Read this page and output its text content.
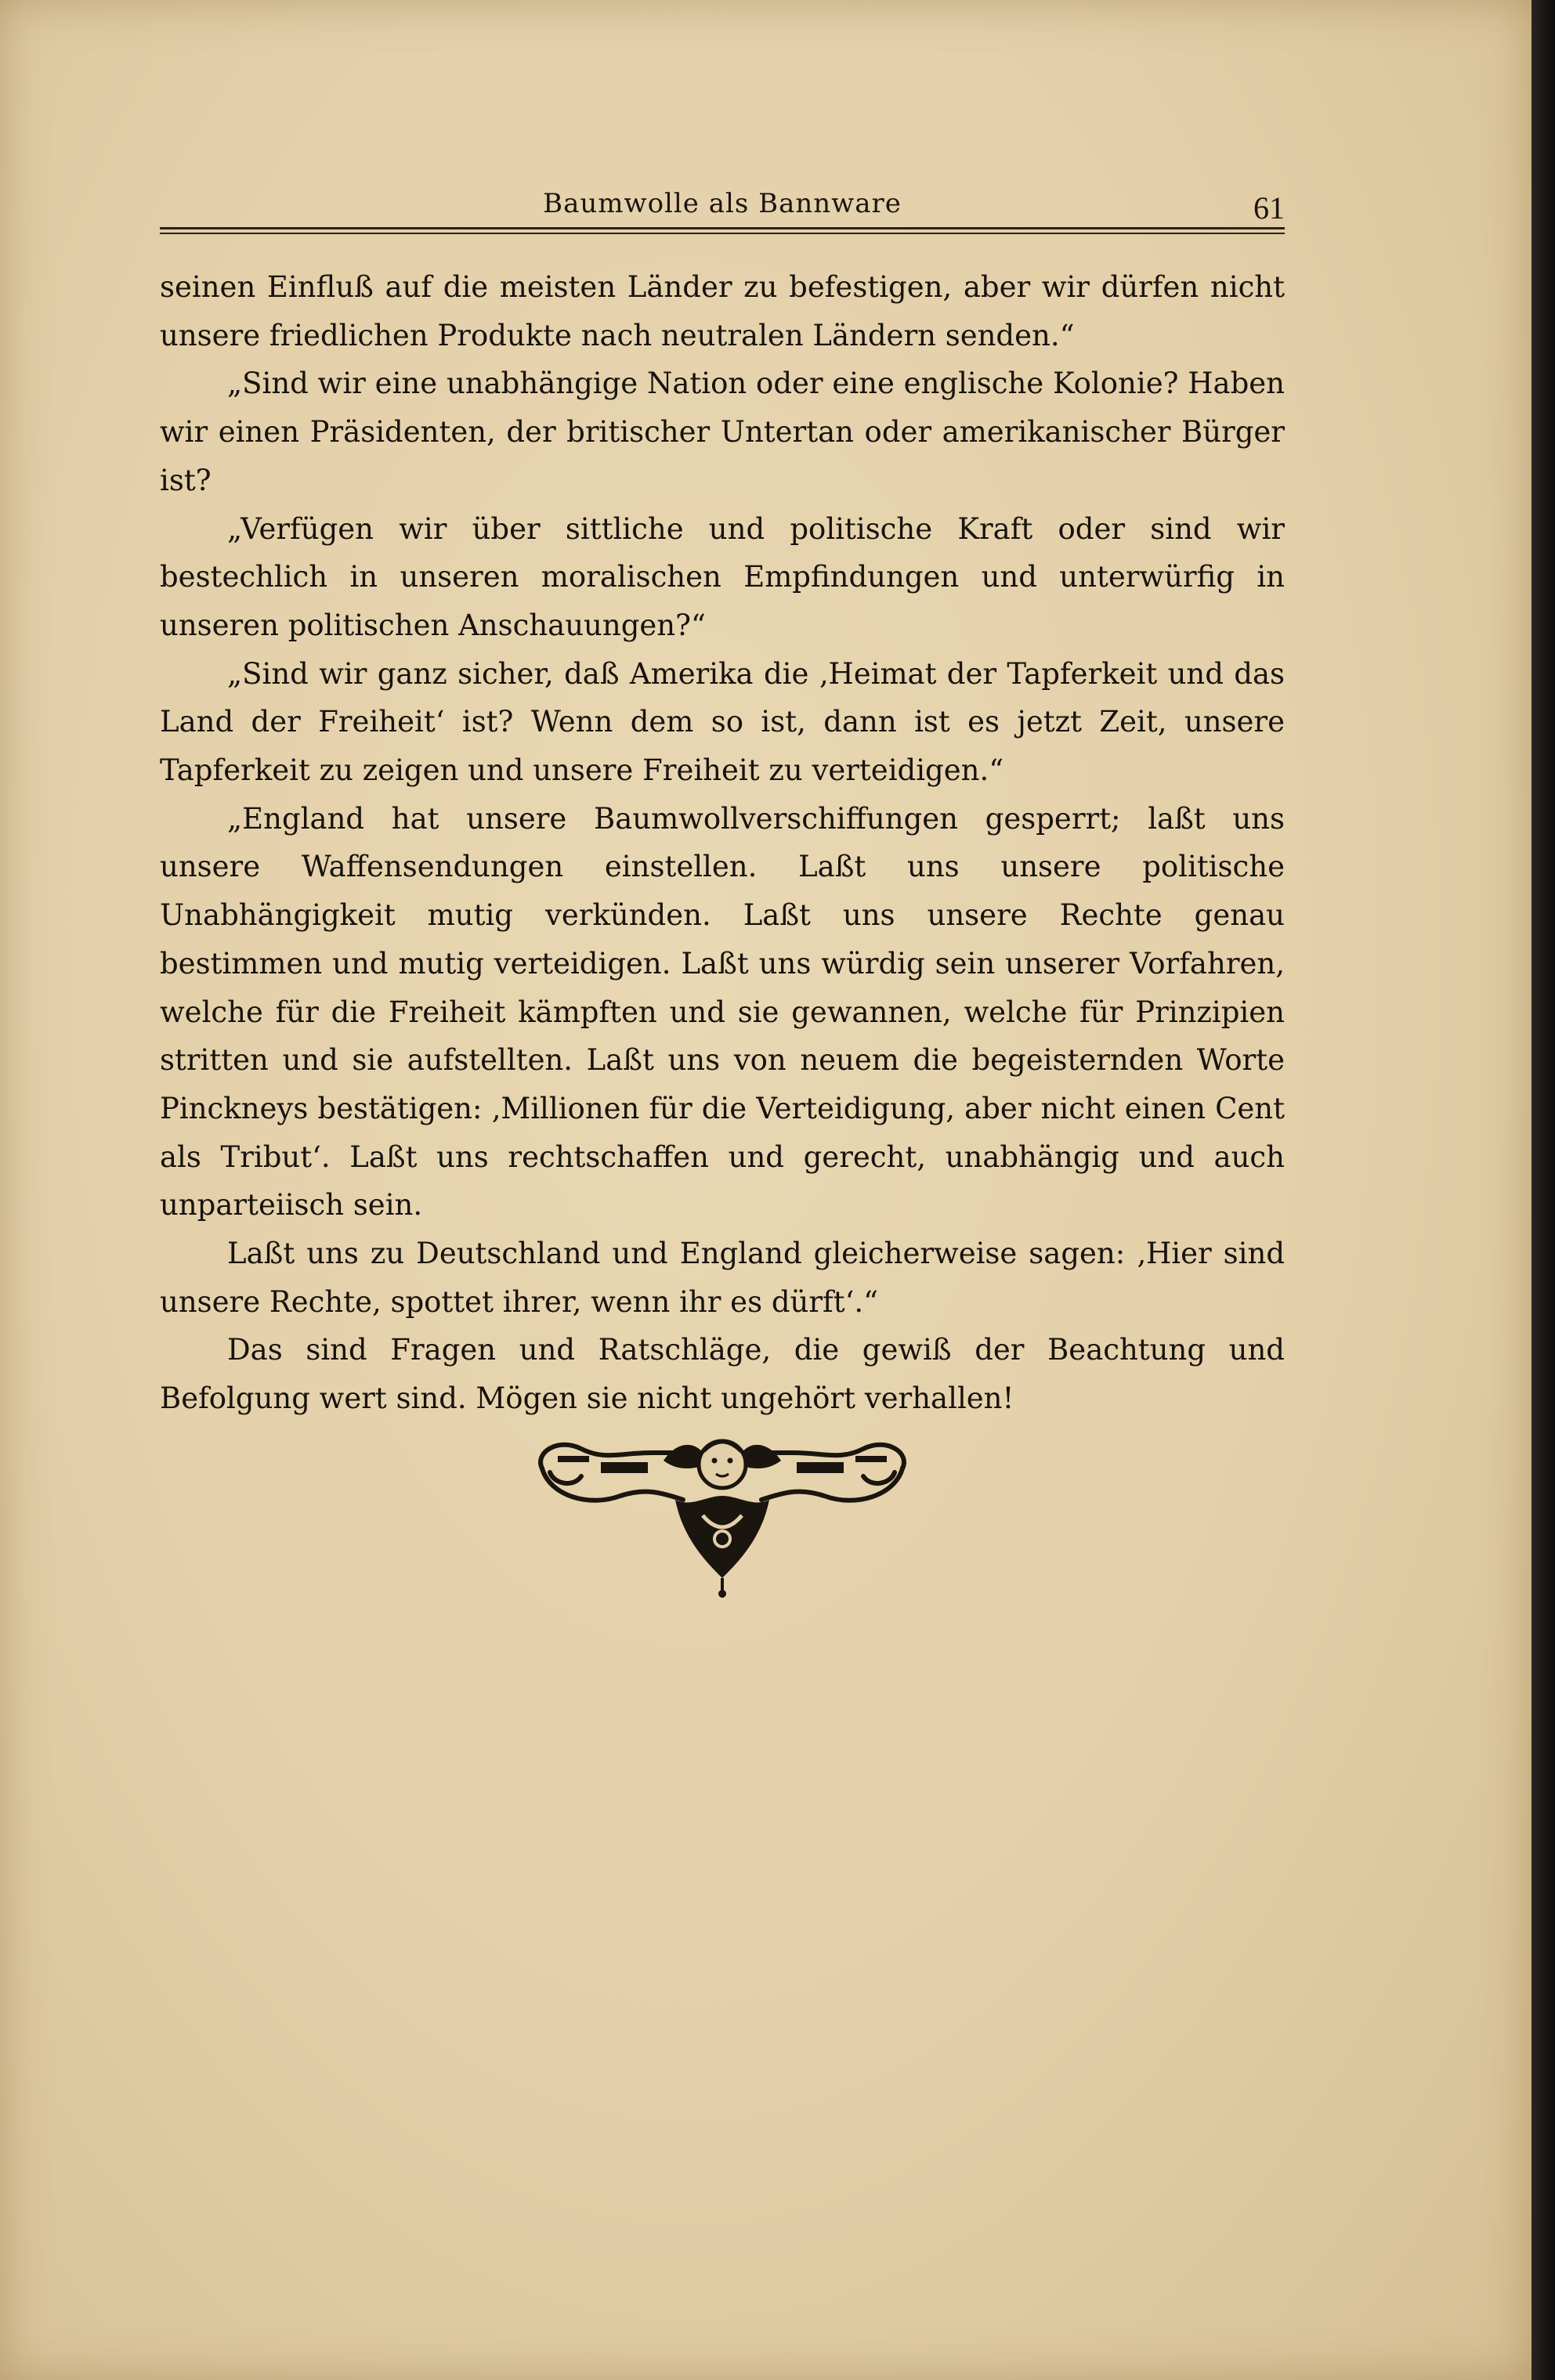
Baumwolle als Bannware	61

seinen Einfluß auf die meisten Länder zu befestigen, aber wir dürfen nicht unsere friedlichen Produkte nach neutralen Ländern senden.“

„Sind wir eine unabhängige Nation oder eine englische Kolonie? Haben wir einen Präsidenten, der britischer Untertan oder amerikanischer Bürger ist?

„Verfügen wir über sittliche und politische Kraft oder sind wir bestechlich in unseren moralischen Empfindungen und unterwürfig in unseren politischen Anschauungen?“

„Sind wir ganz sicher, daß Amerika die ‚Heimat der Tapferkeit und das Land der Freiheit‘ ist? Wenn dem so ist, dann ist es jetzt Zeit, unsere Tapferkeit zu zeigen und unsere Freiheit zu verteidigen.“

„England hat unsere Baumwollverschiffungen gesperrt; laßt uns unsere Waffensendungen einstellen. Laßt uns unsere politische Unabhängigkeit mutig verkünden. Laßt uns unsere Rechte genau bestimmen und mutig verteidigen. Laßt uns würdig sein unserer Vorfahren, welche für die Freiheit kämpften und sie gewannen, welche für Prinzipien stritten und sie aufstellten. Laßt uns von neuem die begeisternden Worte Pinckneys bestätigen: ‚Millionen für die Verteidigung, aber nicht einen Cent als Tribut‘. Laßt uns rechtschaffen und gerecht, unabhängig und auch unparteiisch sein.

Laßt uns zu Deutschland und England gleicherweise sagen: ‚Hier sind unsere Rechte, spottet ihrer, wenn ihr es dürft‘.“

Das sind Fragen und Ratschläge, die gewiß der Beachtung und Befolgung wert sind. Mögen sie nicht ungehört verhallen!
